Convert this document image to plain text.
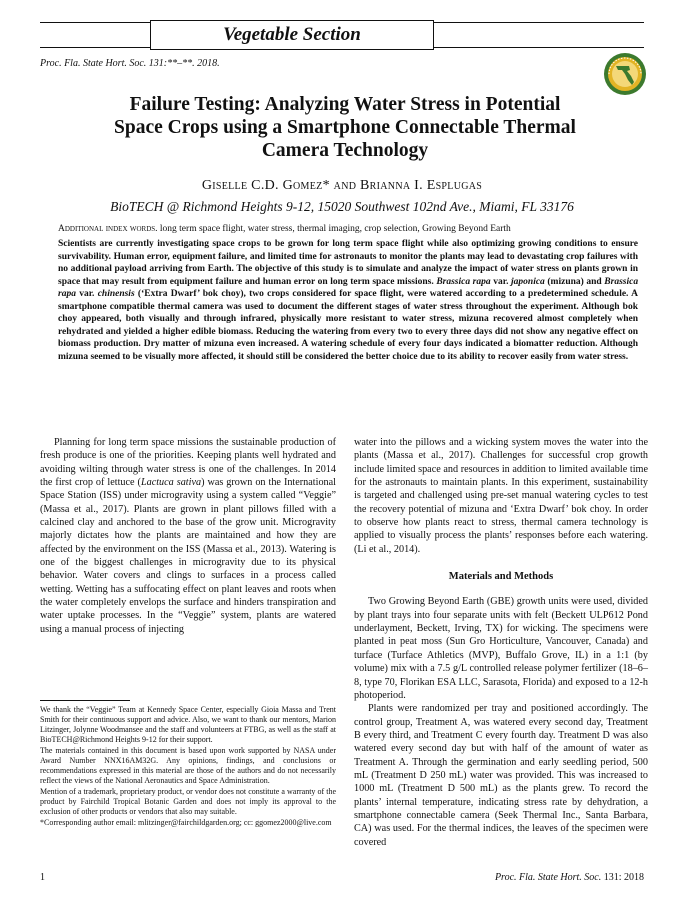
Vegetable Section
Proc. Fla. State Hort. Soc. 131:**–**. 2018.
Failure Testing: Analyzing Water Stress in Potential
Space Crops using a Smartphone Connectable Thermal
Camera Technology
Giselle C.D. Gomez* and Brianna I. Esplugas
BioTECH @ Richmond Heights 9-12, 15020 Southwest 102nd Ave., Miami, FL 33176
Additional index words. long term space flight, water stress, thermal imaging, crop selection, Growing Beyond Earth
Scientists are currently investigating space crops to be grown for long term space flight while also optimizing growing conditions to ensure survivability. Human error, equipment failure, and limited time for astronauts to monitor the plants may lead to devastating crop failures with no additional payload arriving from Earth. The objective of this study is to simulate and analyze the impact of water stress on plants grown in space that may result from equipment failure and human error on long term space missions. Brassica rapa var. japonica (mizuna) and Brassica rapa var. chinensis (‘Extra Dwarf’ bok choy), two crops considered for space flight, were watered according to a predetermined schedule. A smartphone compatible thermal camera was used to document the different stages of water stress throughout the experiment. Although bok choy appeared, both visually and through infrared, physically more resistant to water stress, mizuna recovered almost completely when rehydrated and yielded a higher edible biomass. Reducing the watering from every two to every three days did not show any negative effect on biomass production. Dry matter of mizuna even increased. A watering schedule of every four days indicated a biomatter reduction. Although mizuna seemed to be visually more affected, it should still be considered the better choice due to its ability to recover easily from water stress.

Planning for long term space missions the sustainable production of fresh produce is one of the priorities. Keeping plants well hydrated and avoiding wilting through water stress is one of the challenges. In 2014 the first crop of lettuce (Lactuca sativa) was grown on the International Space Station (ISS) under microgravity using a system called “Veggie” (Massa et al., 2017). Plants are grown in plant pillows filled with a calcined clay and anchored to the base of the grow unit. Microgravity majorly dictates how the plants are maintained and how they are affected by the environment on the ISS (Massa et al., 2013). Watering is one of the biggest challenges in microgravity due to its physical behavior. Water covers and clings to surfaces in a process called wetting. Wetting has a suffocating effect on plant leaves and roots when the water completely envelops the surface and hinders transpiration and water uptake processes. In the “Veggie” system, plants are watered using a manual process of injecting

water into the pillows and a wicking system moves the water into the plants (Massa et al., 2017). Challenges for successful crop growth include limited space and resources in addition to limited available time for the astronauts to maintain plants. In this experiment, sustainability is targeted and challenged using pre-set manual watering cycles to test the recovery potential of mizuna and ‘Extra Dwarf’ bok choy. In order to observe how plants react to stress, thermal camera technology is applied to visually process the plants’ responses before each watering. (Li et al., 2014).

Materials and Methods

Two Growing Beyond Earth (GBE) growth units were used, divided by plant trays into four separate units with felt (Beckett ULP612 Pond underlayment, Beckett, Irving, TX) for wicking. The specimens were planted in peat moss (Sun Gro Horticulture, Vancouver, Canada) and turface (Turface Athletics (MVP), Buffalo Grove, IL) in a 1:1 (by volume) mix with a 7.5 g/L controlled release polymer fertilizer (18–6–8, type 70, Florikan ESA LLC, Sarasota, Florida) and exposed to a 12-h photoperiod.

Plants were randomized per tray and positioned accordingly. The control group, Treatment A, was watered every second day, Treatment B every third, and Treatment C every fourth day. Treatment D was also watered every second day but with half of the amount of water as Treatment A. Through the germination and early seedling period, 500 mL (Treatment D 250 mL) water was provided. This was increased to 1000 mL (Treatment D 500 mL) as the plants grew. To record the plants’ internal temperature, indicating stress rate by dehydration, a smartphone connectable camera (Seek Thermal Inc., Santa Barbara, CA) was used. For the thermal indices, the leaves of the specimen were covered

We thank the “Veggie” Team at Kennedy Space Center, especially Gioia Massa and Trent Smith for their continuous support and advice. Also, we want to thank our mentors, Marion Litzinger, Jolynne Woodmansee and the staff and volunteers at FTBG, as well as the staff at BioTECH@Richmond Heights 9-12 for their support.

The materials contained in this document is based upon work supported by NASA under Award Number NNX16AM32G. Any opinions, findings, and conclusions or recommendations expressed in this material are those of the authors and do not necessarily reflect the views of the National Aeronautics and Space Administration.

Mention of a trademark, proprietary product, or vendor does not constitute a warranty of the product by Fairchild Tropical Botanic Garden and does not imply its approval to the exclusion of other products or vendors that also may suitable.

*Corresponding author email: mlitzinger@fairchildgarden.org; cc: ggomez2000@live.com

1	Proc. Fla. State Hort. Soc. 131: 2018
